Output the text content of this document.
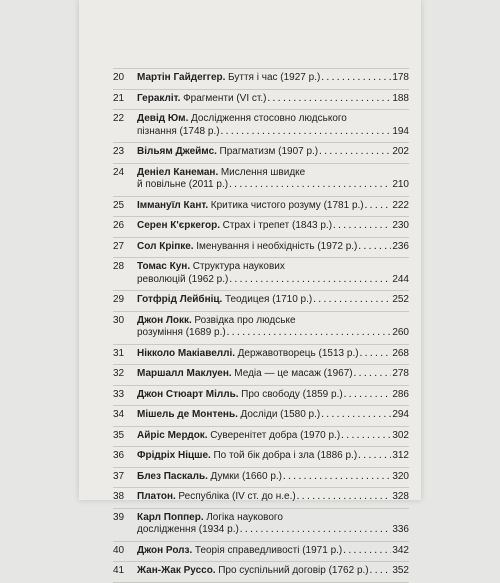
20	Мартін Гайдеггер. Буття і час (1927 р.) . . .	178
21	Геракліт. Фрагменти (VI ст.) . . .	188
22	Девід Юм. Дослідження стосовно людського
пізнання (1748 р.) . . .	194
23	Вільям Джеймс. Прагматизм (1907 р.) . . .	202
24	Деніел Канеман. Мислення швидке
й повільне (2011 р.) . . .	210
25	Іммануїл Кант. Критика чистого розуму (1781 р.) . . .	222
26	Серен К'єркегор. Страх і трепет (1843 р.) . . .	230
27	Сол Кріпке. Іменування і необхідність (1972 р.) . . .	236
28	Томас Кун. Структура наукових
революцій (1962 р.) . . .	244
29	Готфрід Лейбніц. Теодицея (1710 р.) . . .	252
30	Джон Локк. Розвідка про людське
розуміння (1689 р.) . . .	260
31	Нікколо Макіавеллі. Державотворець (1513 р.) . . .	268
32	Маршалл Маклуен. Медіа — це масаж (1967) . . .	278
33	Джон Стюарт Мілль. Про свободу (1859 р.) . . .	286
34	Мішель де Монтень. Досліди (1580 р.) . . .	294
35	Айріс Мердок. Суверенітет добра (1970 р.) . . .	302
36	Фрідріх Ніцше. По той бік добра і зла (1886 р.) . . .	312
37	Блез Паскаль. Думки (1660 р.) . . .	320
38	Платон. Республіка (IV ст. до н.е.) . . .	328
39	Карл Поппер. Логіка наукового
дослідження (1934 р.) . . .	336
40	Джон Ролз. Теорія справедливості (1971 р.) . . .	342
41	Жан-Жак Руссо. Про суспільний договір (1762 р.) . . . 352
